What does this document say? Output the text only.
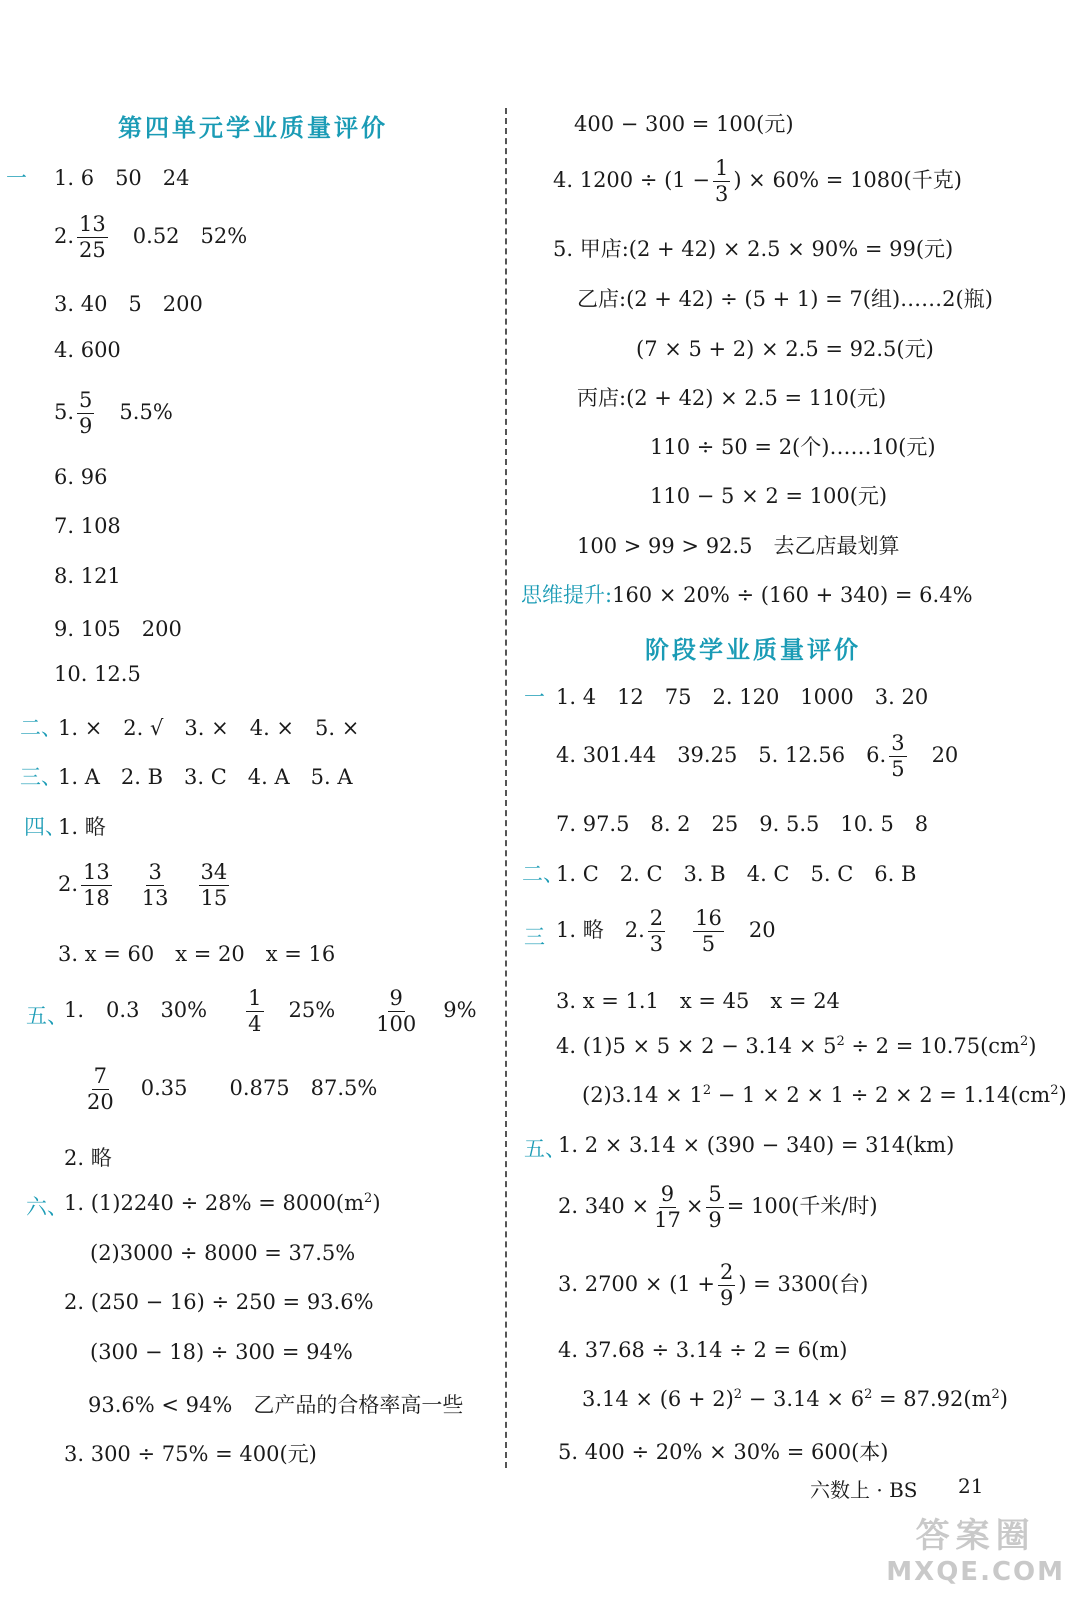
第四单元学业质量评价
一 1. 6　50　24
2. $\frac{13}{25} 0.52$　52%
3. 40　5　200
4. 600
5. $\frac{5}{9} 5.5\%$
6. 96
7. 108
8. 121
9. 105　200
10. 12.5
二、
1. ×　2. √　3. ×　4. ×　5. ×
三、
1. A　2. B　3. C　4. A　5. A
四、
1. 略
2. $\frac{13}{18} \frac{3}{13} \frac{34}{15}$
3. x = 60　x = 20　x = 16
五、
1. 0.3　$30\% \frac{1}{4} 25\% \frac{9}{100} 9\%$
$\frac{7}{20} 0.35$　　0.875　87.5%
2. 略
六、
1. $(1)2240 \div 28\% = 8000(m^2)$
(2)3000 ÷ 8000 = 37.5%
2. (250 − 16) ÷ 250 = 93.6%
(300 − 18) ÷ 300 = 94%
93.6% < 94%　乙产品的合格率高一些
3. 300 ÷ 75% = 400(元)
400 − 300 = 100(元)
4. $1200 \div (1 - \frac{1}{3}$ ) × 60% = 1080(千克)
5. 甲店:(2 + 42) × 2.5 × 90% = 99(元)
乙店:(2 + 42) ÷ (5 + 1) = 7(组)……2(瓶)
(7 × 5 + 2) × 2.5 = 92.5(元)
丙店:(2 + 42) × 2.5 = 110(元)
110 ÷ 50 = 2(个)……10(元)
110 − 5 × 2 = 100(元)
100 > 99 > 92.5　去乙店最划算
思维提升:160 × 20% ÷ (160 + 340) = 6.4%
阶段学业质量评价
一 1. 4　12　75　2. 120　1000　3. 20
4. 301.44　39.25　5. 12.56　6. $\frac{3}{5} 20$
7. 97.5　8. 2　25　9. 5.5　10. 5　8
二、
1. C　2. C　3. B　4. C　5. C　6. B
三 1. 略　2. $\frac{2}{3} \frac{16}{5} 20$
3. x = 1.1　x = 45　x = 24
4. $(1)5 \times 5 \times 2 - 3.14 \times 5^2 \div 2 = 10.75(cm^2)$
$(2)3.14 \times 1^2 - 1 \times 2 \times 1 \div 2 \times 2 = 1.14(cm^2)$
五、
1. 2 × 3.14 × (390 − 340) = 314(km)
2. $340 \times \frac{9}{17} \times \frac{5}{9} = 100$(千米/时)
3. $2700 \times (1 + \frac{2}{9}$ ) = 3300(台)
4. 37.68 ÷ 3.14 ÷ 2 = 6(m)
$3.14 \times (6 + 2)^2 - 3.14 \times 6^2 = 87.92(m^2)$
5. 400 ÷ 20% × 30% = 600(本)
六数上 · BS 21
答案圈
MXQE.COM
